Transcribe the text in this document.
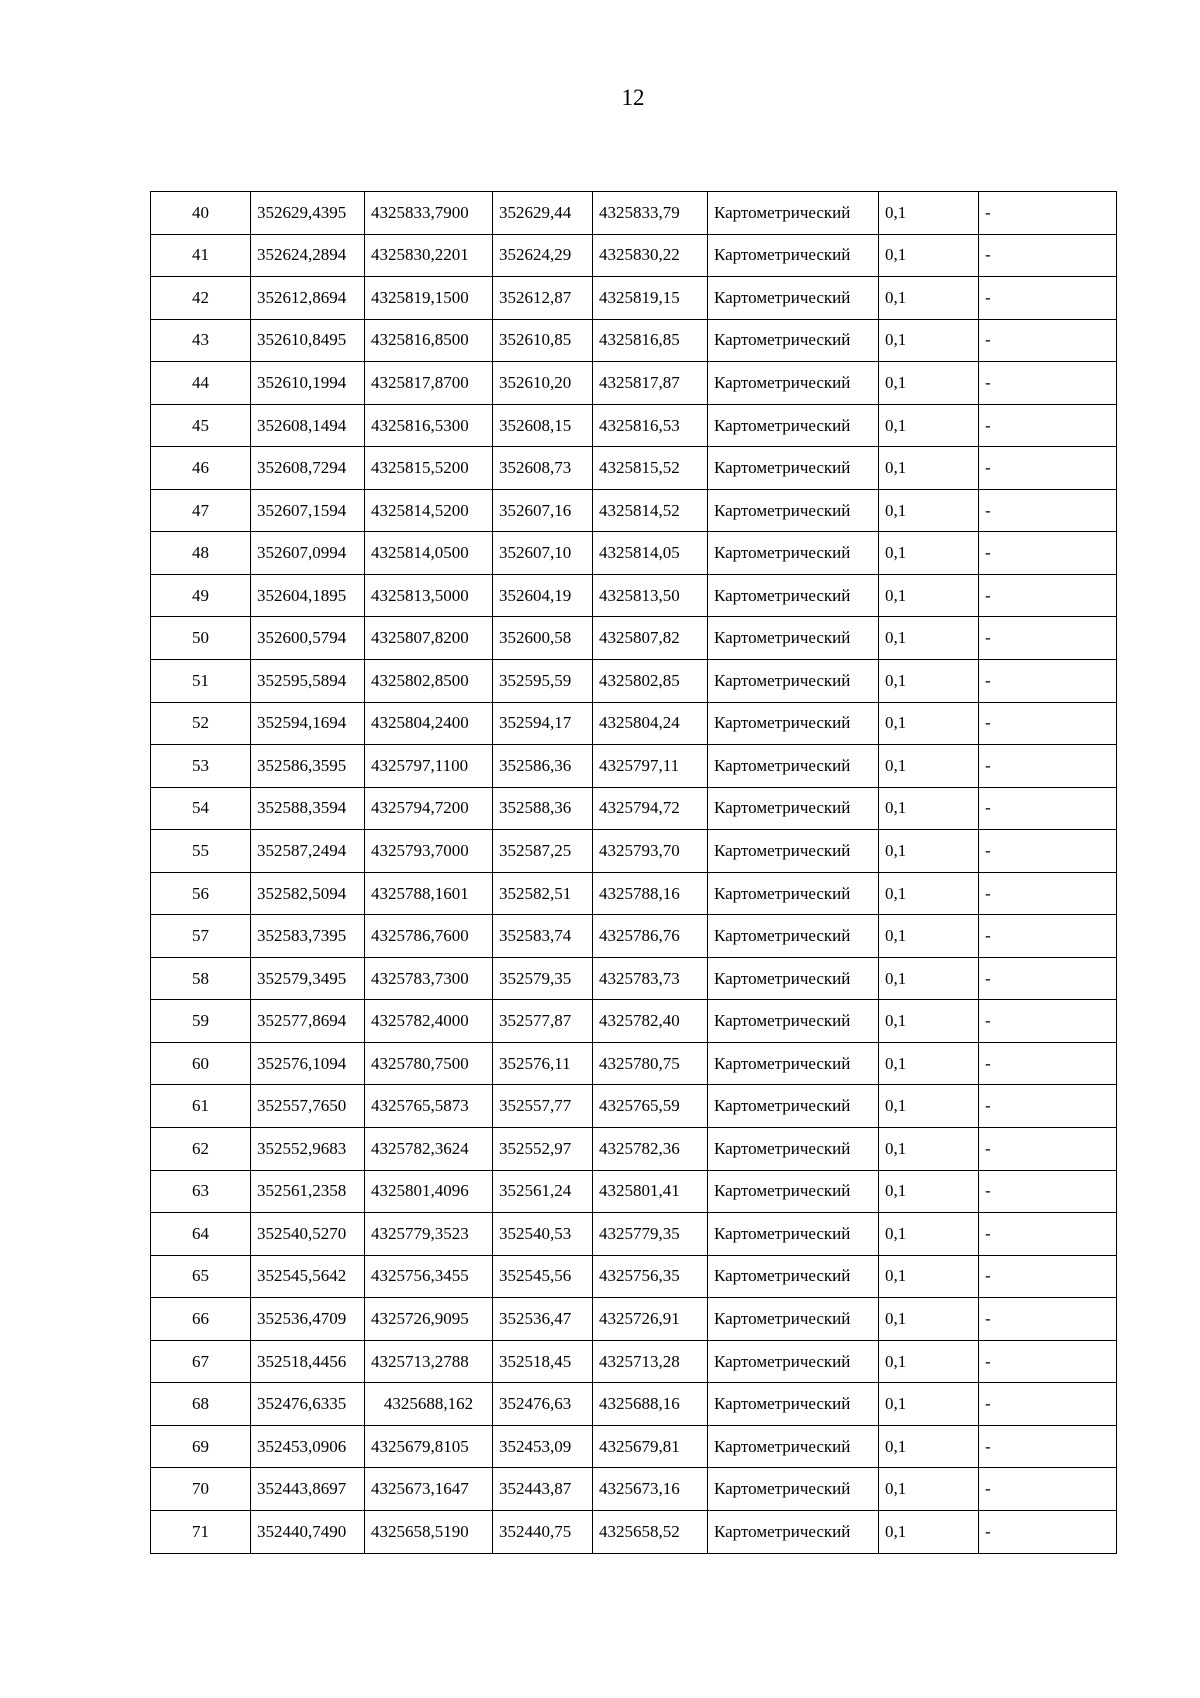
12
40	352629,4395	4325833,7900	352629,44	4325833,79	Картометрический	0,1	-
41	352624,2894	4325830,2201	352624,29	4325830,22	Картометрический	0,1	-
42	352612,8694	4325819,1500	352612,87	4325819,15	Картометрический	0,1	-
43	352610,8495	4325816,8500	352610,85	4325816,85	Картометрический	0,1	-
44	352610,1994	4325817,8700	352610,20	4325817,87	Картометрический	0,1	-
45	352608,1494	4325816,5300	352608,15	4325816,53	Картометрический	0,1	-
46	352608,7294	4325815,5200	352608,73	4325815,52	Картометрический	0,1	-
47	352607,1594	4325814,5200	352607,16	4325814,52	Картометрический	0,1	-
48	352607,0994	4325814,0500	352607,10	4325814,05	Картометрический	0,1	-
49	352604,1895	4325813,5000	352604,19	4325813,50	Картометрический	0,1	-
50	352600,5794	4325807,8200	352600,58	4325807,82	Картометрический	0,1	-
51	352595,5894	4325802,8500	352595,59	4325802,85	Картометрический	0,1	-
52	352594,1694	4325804,2400	352594,17	4325804,24	Картометрический	0,1	-
53	352586,3595	4325797,1100	352586,36	4325797,11	Картометрический	0,1	-
54	352588,3594	4325794,7200	352588,36	4325794,72	Картометрический	0,1	-
55	352587,2494	4325793,7000	352587,25	4325793,70	Картометрический	0,1	-
56	352582,5094	4325788,1601	352582,51	4325788,16	Картометрический	0,1	-
57	352583,7395	4325786,7600	352583,74	4325786,76	Картометрический	0,1	-
58	352579,3495	4325783,7300	352579,35	4325783,73	Картометрический	0,1	-
59	352577,8694	4325782,4000	352577,87	4325782,40	Картометрический	0,1	-
60	352576,1094	4325780,7500	352576,11	4325780,75	Картометрический	0,1	-
61	352557,7650	4325765,5873	352557,77	4325765,59	Картометрический	0,1	-
62	352552,9683	4325782,3624	352552,97	4325782,36	Картометрический	0,1	-
63	352561,2358	4325801,4096	352561,24	4325801,41	Картометрический	0,1	-
64	352540,5270	4325779,3523	352540,53	4325779,35	Картометрический	0,1	-
65	352545,5642	4325756,3455	352545,56	4325756,35	Картометрический	0,1	-
66	352536,4709	4325726,9095	352536,47	4325726,91	Картометрический	0,1	-
67	352518,4456	4325713,2788	352518,45	4325713,28	Картометрический	0,1	-
68	352476,6335	4325688,162	352476,63	4325688,16	Картометрический	0,1	-
69	352453,0906	4325679,8105	352453,09	4325679,81	Картометрический	0,1	-
70	352443,8697	4325673,1647	352443,87	4325673,16	Картометрический	0,1	-
71	352440,7490	4325658,5190	352440,75	4325658,52	Картометрический	0,1	-
